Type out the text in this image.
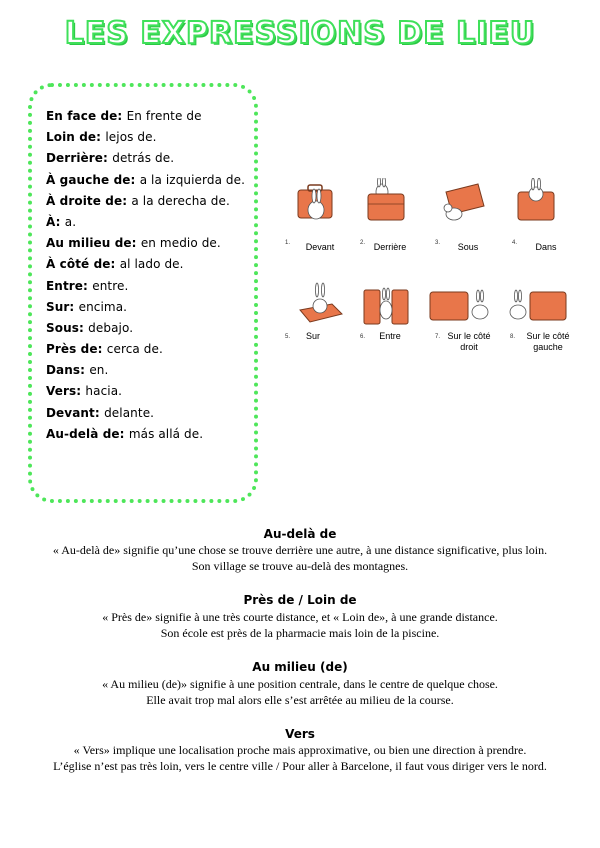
LES EXPRESSIONS DE LIEU
En face de: En frente de
Loin de: lejos de.
Derrière: detrás de.
À gauche de: a la izquierda de.
À droite de: a la derecha de.
À: a.
Au milieu de: en medio de.
À côté de: al lado de.
Entre: entre.
Sur: encima.
Sous: debajo.
Près de: cerca de.
Dans: en.
Vers: hacia.
Devant: delante.
Au-delà de: más allá de.
1.	Devant	2. Derrière	3.	Sous	4.	Dans
5.	Sur	6.	Entre	7. Sur le côté droit
8.	Sur le côté gauche
Au-delà de
« Au-delà de» signifie qu’une chose se trouve derrière une autre, à une distance significative, plus loin.
Son village se trouve au-delà des montagnes.
Près de / Loin de
« Près de» signifie à une très courte distance, et « Loin de», à une grande distance.
Son école est près de la pharmacie mais loin de la piscine.
Au milieu (de)
« Au milieu (de)» signifie à une position centrale, dans le centre de quelque chose.
Elle avait trop mal alors elle s’est arrêtée au milieu de la course.
Vers
« Vers» implique une localisation proche mais approximative, ou bien une direction à prendre.
L’église n’est pas très loin, vers le centre ville / Pour aller à Barcelone, il faut vous diriger vers le nord.
